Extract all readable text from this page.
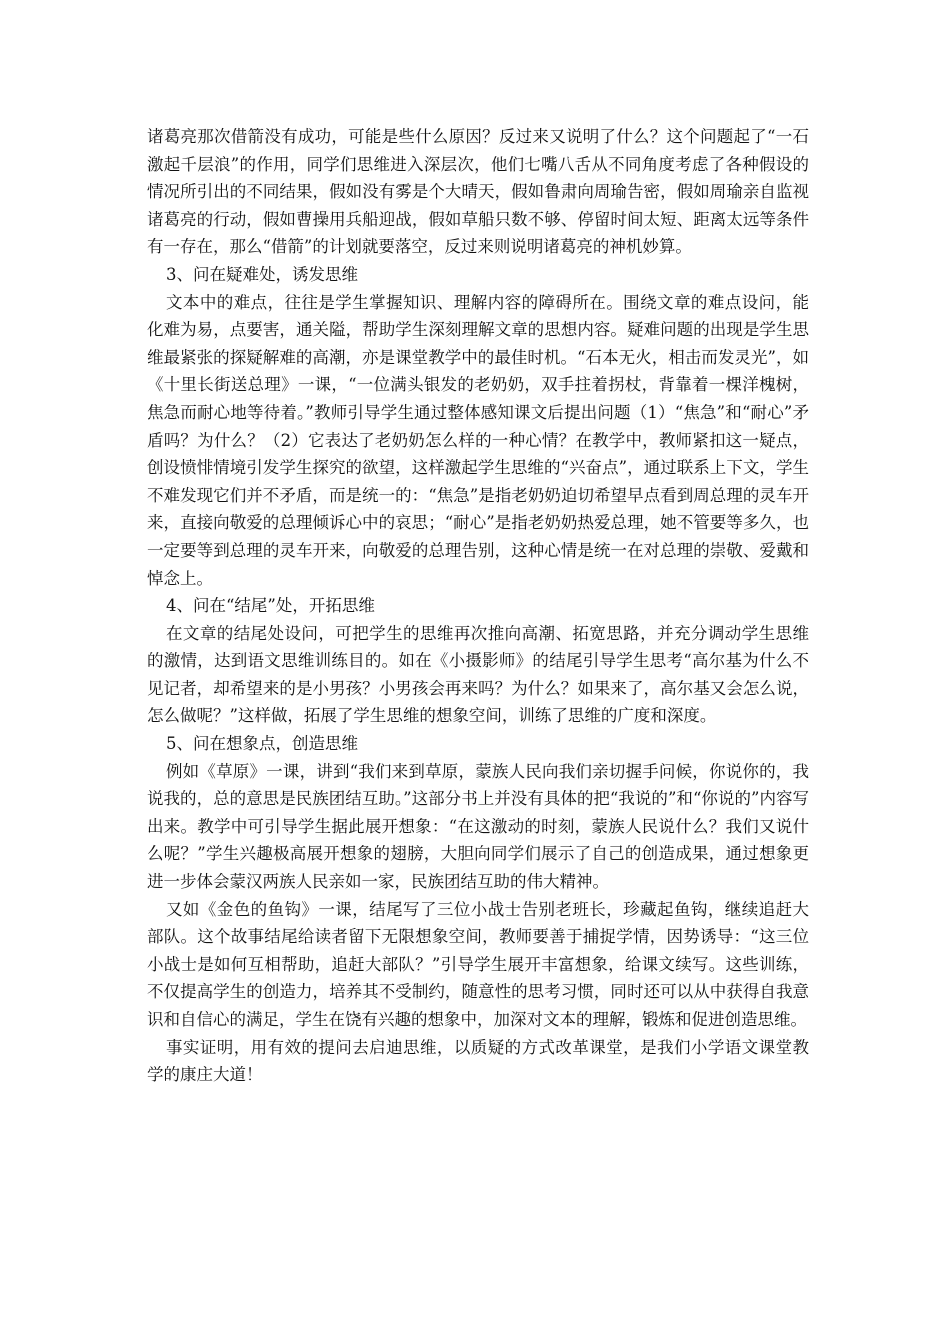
诸葛亮那次借箭没有成功，可能是些什么原因？反过来又说明了什么？这个问题起了“一石激起千层浪”的作用，同学们思维进入深层次，他们七嘴八舌从不同角度考虑了各种假设的情况所引出的不同结果，假如没有雾是个大晴天，假如鲁肃向周瑜告密，假如周瑜亲自监视诸葛亮的行动，假如曹操用兵船迎战，假如草船只数不够、停留时间太短、距离太远等条件有一存在，那么“借箭”的计划就要落空，反过来则说明诸葛亮的神机妙算。

3、问在疑难处，诱发思维

文本中的难点，往往是学生掌握知识、理解内容的障碍所在。围绕文章的难点设问，能化难为易，点要害，通关隘，帮助学生深刻理解文章的思想内容。疑难问题的出现是学生思维最紧张的探疑解难的高潮，亦是课堂教学中的最佳时机。“石本无火，相击而发灵光”，如《十里长街送总理》一课，“一位满头银发的老奶奶，双手拄着拐杖，背靠着一棵洋槐树，焦急而耐心地等待着。”教师引导学生通过整体感知课文后提出问题（1）“焦急”和“耐心”矛盾吗？为什么？（2）它表达了老奶奶怎么样的一种心情？在教学中，教师紧扣这一疑点，创设愤悱情境引发学生探究的欲望，这样激起学生思维的“兴奋点”，通过联系上下文，学生不难发现它们并不矛盾，而是统一的：“焦急”是指老奶奶迫切希望早点看到周总理的灵车开来，直接向敬爱的总理倾诉心中的哀思；“耐心”是指老奶奶热爱总理，她不管要等多久，也一定要等到总理的灵车开来，向敬爱的总理告别，这种心情是统一在对总理的崇敬、爱戴和悼念上。

4、问在“结尾”处，开拓思维

在文章的结尾处设问，可把学生的思维再次推向高潮、拓宽思路，并充分调动学生思维的激情，达到语文思维训练目的。如在《小摄影师》的结尾引导学生思考“高尔基为什么不见记者，却希望来的是小男孩？小男孩会再来吗？为什么？如果来了，高尔基又会怎么说，怎么做呢？”这样做，拓展了学生思维的想象空间，训练了思维的广度和深度。

5、问在想象点，创造思维

例如《草原》一课，讲到“我们来到草原，蒙族人民向我们亲切握手问候，你说你的，我说我的，总的意思是民族团结互助。”这部分书上并没有具体的把“我说的”和“你说的”内容写出来。教学中可引导学生据此展开想象：“在这激动的时刻，蒙族人民说什么？我们又说什么呢？”学生兴趣极高展开想象的翅膀，大胆向同学们展示了自己的创造成果，通过想象更进一步体会蒙汉两族人民亲如一家，民族团结互助的伟大精神。

又如《金色的鱼钩》一课，结尾写了三位小战士告别老班长，珍藏起鱼钩，继续追赶大部队。这个故事结尾给读者留下无限想象空间，教师要善于捕捉学情，因势诱导：“这三位小战士是如何互相帮助，追赶大部队？”引导学生展开丰富想象，给课文续写。这些训练，不仅提高学生的创造力，培养其不受制约，随意性的思考习惯，同时还可以从中获得自我意识和自信心的满足，学生在饶有兴趣的想象中，加深对文本的理解，锻炼和促进创造思维。

事实证明，用有效的提问去启迪思维，以质疑的方式改革课堂，是我们小学语文课堂教学的康庄大道！
